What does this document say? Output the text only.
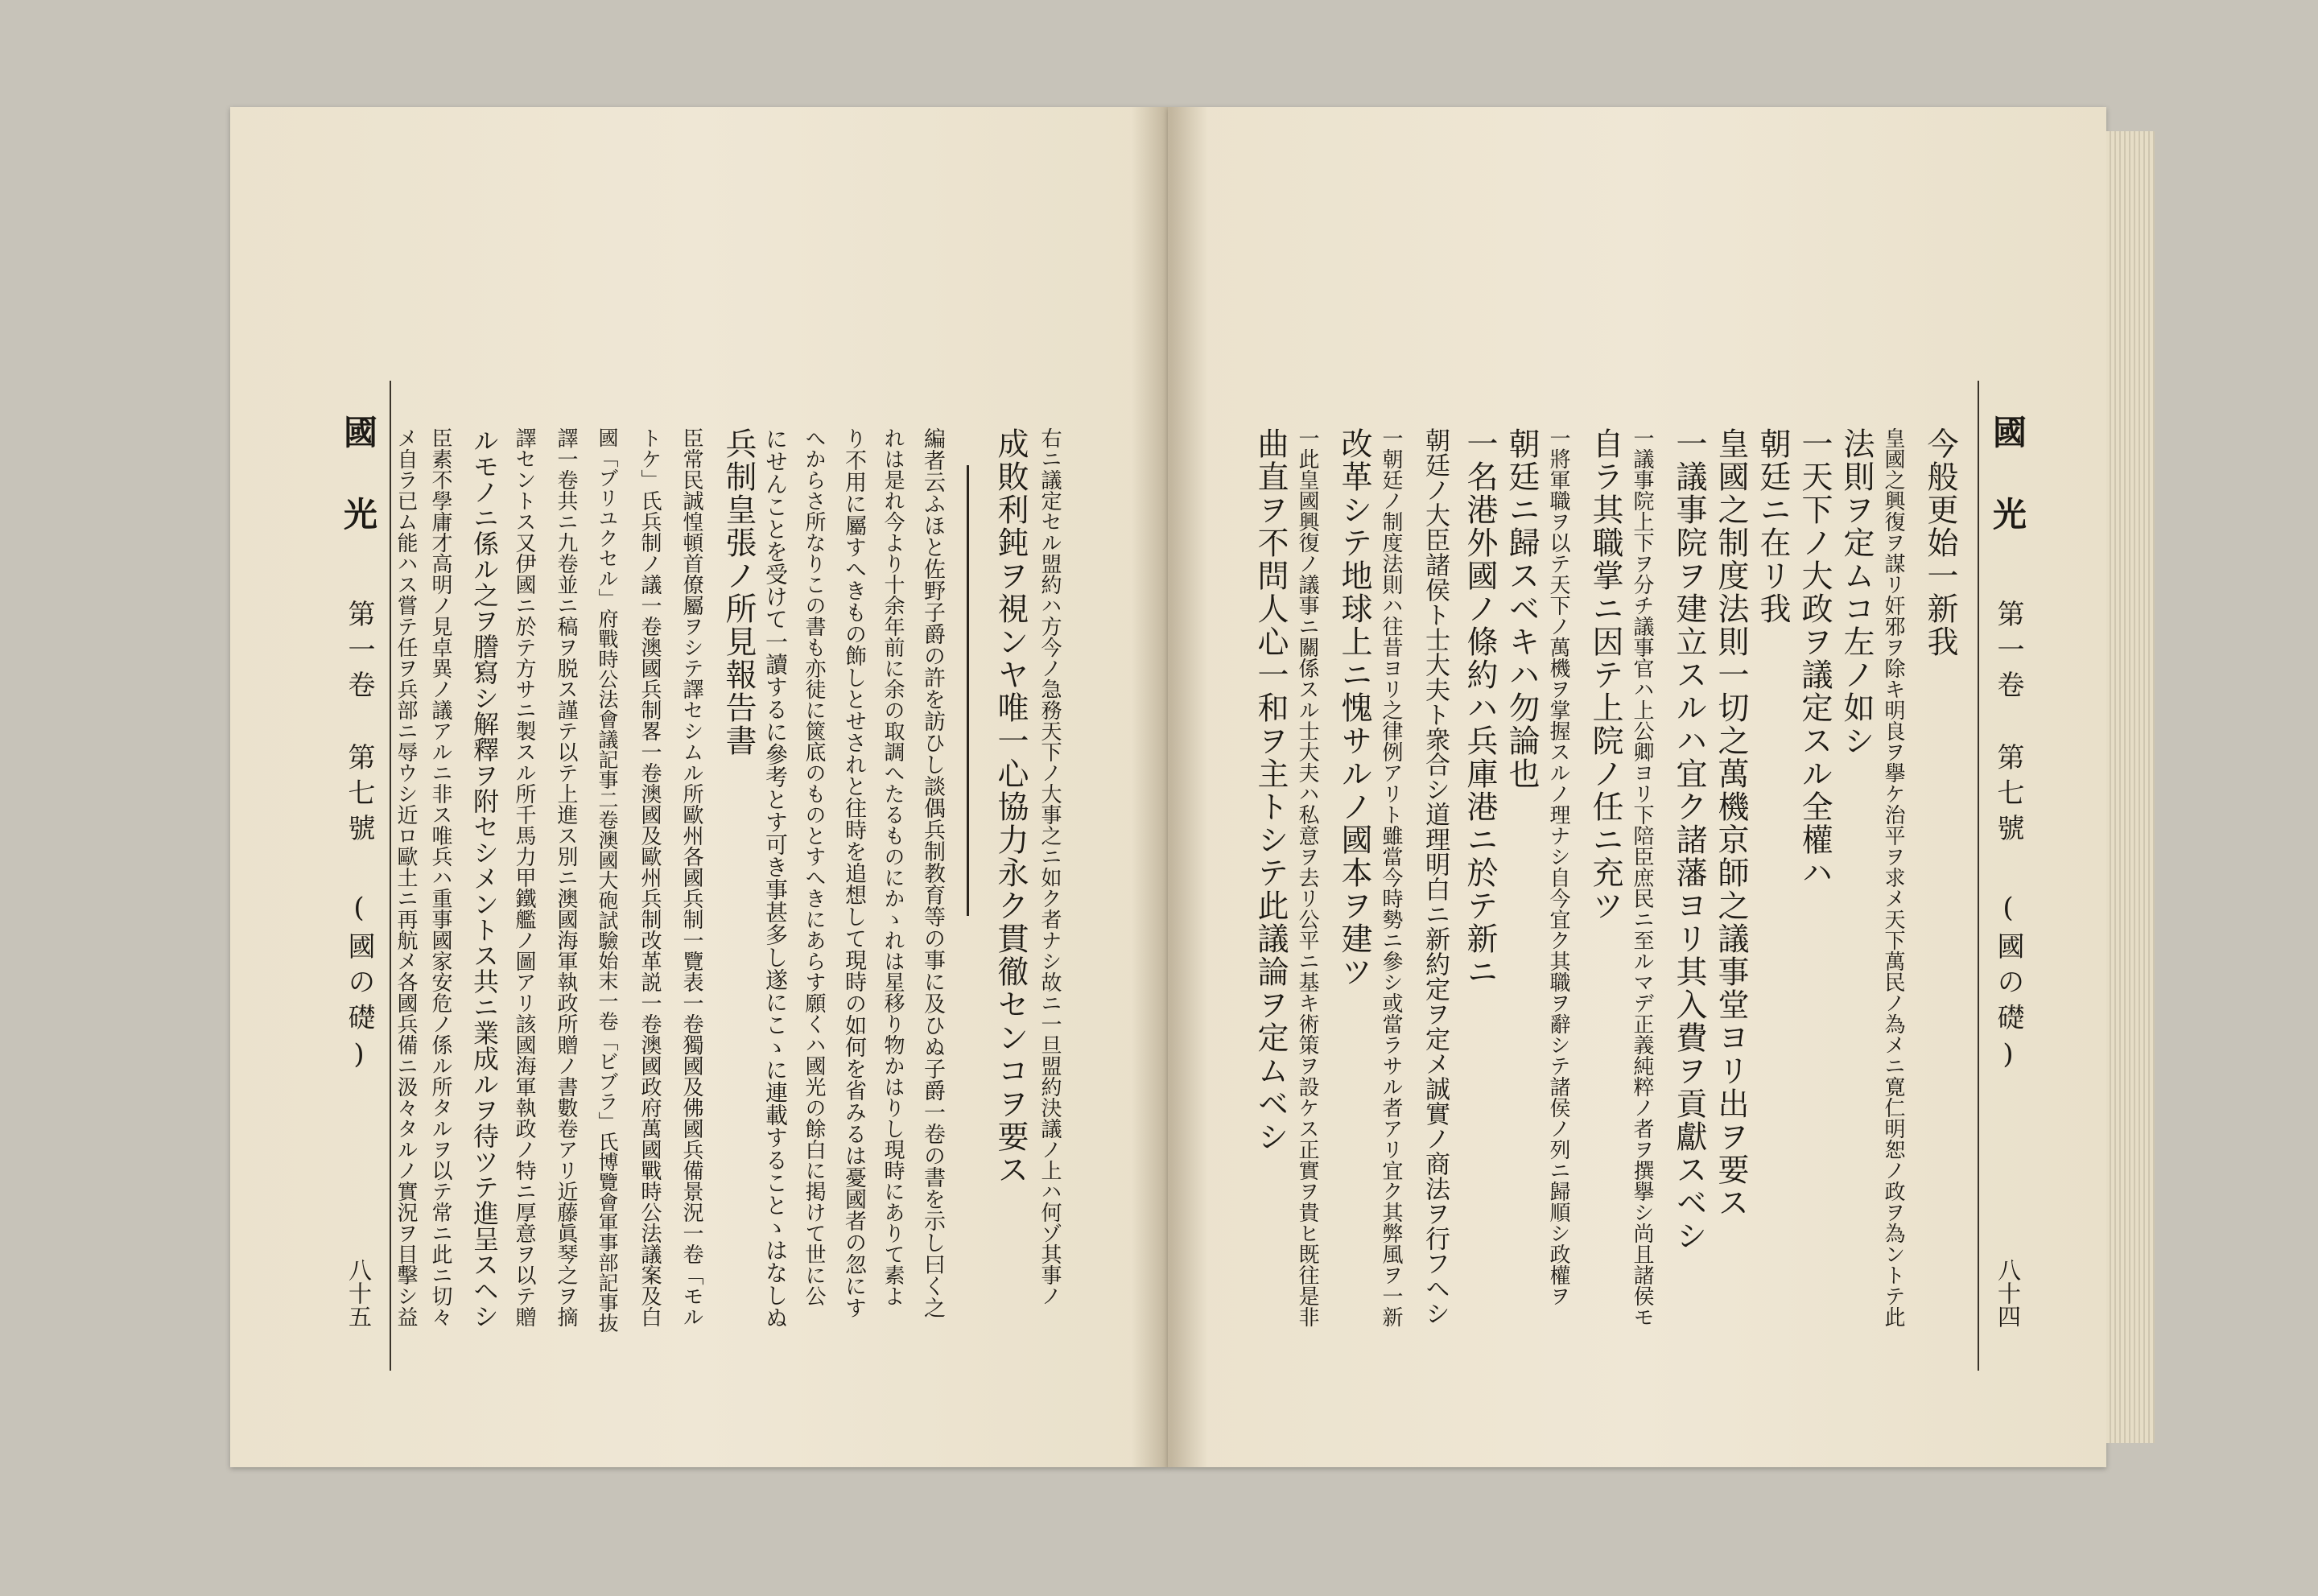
國光
第一卷
第七號
(國の礎)
八十五	右ニ議定セル盟約ハ方今ノ急務天下ノ大事之ニ如ク者ナシ故ニ一旦盟約決議ノ上ハ何ゾ其事ノ
成敗利鈍ヲ視ンヤ唯一心協力永ク貫徹センコヲ要ス
編者云ふほと佐野子爵の許を訪ひし談偶兵制教育等の事に及ひぬ子爵一卷の書を示し曰く之
れは是れ今より十余年前に余の取調へたるものにかゝれは星移り物かはりし現時にありて素よ
り不用に屬すへきもの飾しとせされと往時を追想して現時の如何を省みるは憂國者の忽にす
へからさ所なりこの書も亦徒に篋底のものとすへきにあらす願くハ國光の餘白に掲けて世に公
にせんことを受けて一讀するに參考とす可き事甚多し遂にこゝに連載することゝはなしぬ
兵制皇張ノ所見報告書
臣常民誠惶頓首僚屬ヲシテ譯セシムル所歐州各國兵制一覽表一卷獨國及佛國兵備景況一卷「モル
トケ」氏兵制ノ議一卷澳國兵制畧一卷澳國及歐州兵制改革説一卷澳國政府萬國戰時公法議案及白
國「ブリユクセル」府戰時公法會議記事二卷澳國大砲試驗始末一卷「ビブラ」氏博覽會軍事部記事抜
譯一卷共ニ九卷並ニ稿ヲ脱ス謹テ以テ上進ス別ニ澳國海軍執政所贈ノ書數卷アリ近藤眞琴之ヲ摘
譯セントス又伊國ニ於テ方サニ製スル所千馬力甲鐵艦ノ圖アリ該國海軍執政ノ特ニ厚意ヲ以テ贈
ルモノニ係ル之ヲ謄寫シ解釋ヲ附セシメントス共ニ業成ルヲ待ツテ進呈スヘシ
臣素不學庸才高明ノ見卓異ノ議アルニ非ス唯兵ハ重事國家安危ノ係ル所タルヲ以テ常ニ此ニ切々
メ自ラ已ム能ハス嘗テ任ヲ兵部ニ辱ウシ近ロ歐土ニ再航メ各國兵備ニ汲々タルノ實況ヲ目擊シ益	國光
第一卷
第七號
(國の礎)
八十四
今般更始一新我
皇國之興復ヲ謀リ奸邪ヲ除キ明良ヲ擧ケ治平ヲ求メ天下萬民ノ為メニ寛仁明恕ノ政ヲ為ントテ此
法則ヲ定ムコ左ノ如シ
一天下ノ大政ヲ議定スル全權ハ
朝廷ニ在リ我
皇國之制度法則一切之萬機京師之議事堂ヨリ出ヲ要ス
一議事院ヲ建立スルハ宜ク諸藩ヨリ其入費ヲ貢獻スベシ
一議事院上下ヲ分チ議事官ハ上公卿ヨリ下陪臣庶民ニ至ルマデ正義純粹ノ者ヲ撰擧シ尚且諸侯モ
自ラ其職掌ニ因テ上院ノ任ニ充ツ
一將軍職ヲ以テ天下ノ萬機ヲ掌握スルノ理ナシ自今宜ク其職ヲ辭シテ諸侯ノ列ニ歸順シ政權ヲ
朝廷ニ歸スベキハ勿論也
一名港外國ノ條約ハ兵庫港ニ於テ新ニ
朝廷ノ大臣諸侯ト士大夫ト衆合シ道理明白ニ新約定ヲ定メ誠實ノ商法ヲ行フヘシ
一朝廷ノ制度法則ハ往昔ヨリ之律例アリト雖當今時勢ニ參シ或當ラサル者アリ宜ク其弊風ヲ一新
改革シテ地球上ニ愧サルノ國本ヲ建ツ
一此皇國興復ノ議事ニ關係スル士大夫ハ私意ヲ去リ公平ニ基キ術策ヲ設ケス正實ヲ貴ヒ既往是非
曲直ヲ不問人心一和ヲ主トシテ此議論ヲ定ムベシ
